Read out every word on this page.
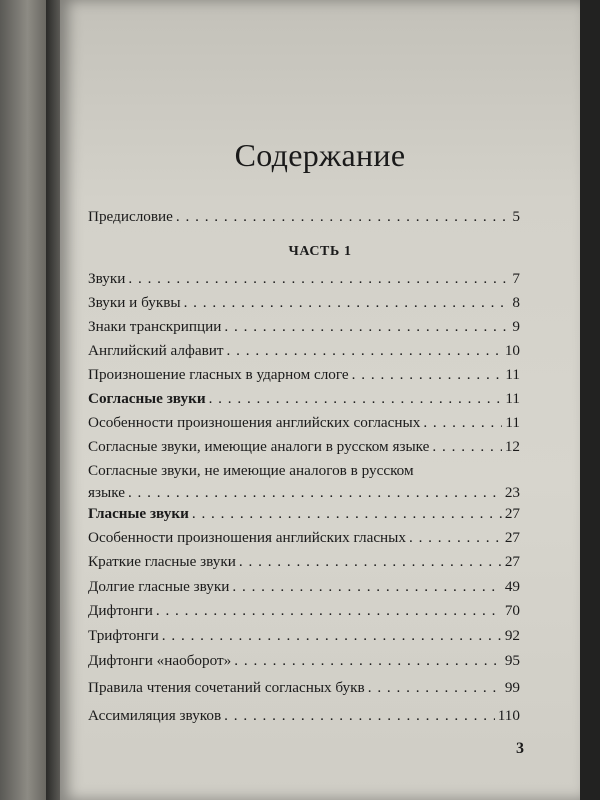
Содержание
ЧАСТЬ 1
Предисловие . . .	5
Звуки . . .	7
Звуки и буквы . . .	8
Знаки транскрипции . . .	9
Английский алфавит . . .	10
Произношение гласных в ударном слоге . . .	11
Согласные звуки . . .	11
Особенности произношения английских согласных . . .	11
Согласные звуки, имеющие аналоги в русском языке . . .	12
Согласные звуки, не имеющие аналогов в русском
языке . . .	23
Гласные звуки . . .	27
Особенности произношения английских гласных . . .	27
Краткие гласные звуки . . .	27
Долгие гласные звуки . . .	49
Дифтонги . . .	70
Трифтонги . . .	92
Дифтонги «наоборот» . . .	95
Правила чтения сочетаний согласных букв . . .	99
Ассимиляция звуков . . .	110
3
